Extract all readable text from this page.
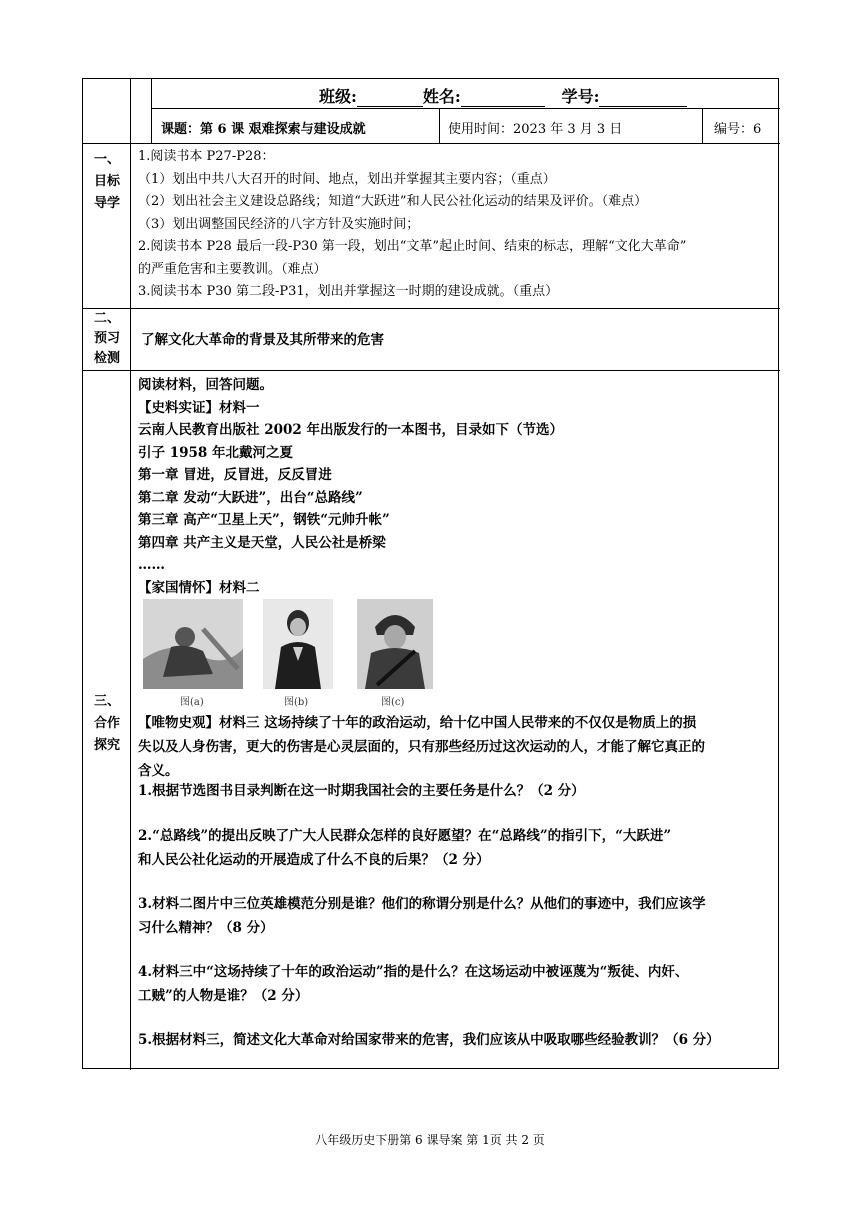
班级:	姓名:	学号:
课题：第 6 课 艰难探索与建设成就	使用时间：2023 年 3 月 3 日	编号：6
一、
目标
导学
1.阅读书本 P27-P28：
（1）划出中共八大召开的时间、地点，划出并掌握其主要内容；（重点）
（2）划出社会主义建设总路线；知道“大跃进”和人民公社化运动的结果及评价。（难点）
（3）划出调整国民经济的八字方针及实施时间；
2.阅读书本 P28 最后一段-P30 第一段，划出“文革”起止时间、结束的标志，理解“文化大革命”
的严重危害和主要教训。（难点）
3.阅读书本 P30 第二段-P31，划出并掌握这一时期的建设成就。（重点）
二、
预习
检测
了解文化大革命的背景及其所带来的危害
三、
合作
探究
阅读材料，回答问题。
【史料实证】材料一
云南人民教育出版社 2002 年出版发行的一本图书，目录如下（节选）
引子 1958 年北戴河之夏
第一章 冒进，反冒进，反反冒进
第二章 发动“大跃进”，出台“总路线”
第三章 高产“卫星上天”，钢铁“元帅升帐”
第四章 共产主义是天堂，人民公社是桥梁
……
【家国情怀】材料二
图(a)	图(b)	图(c)
【唯物史观】材料三 这场持续了十年的政治运动，给十亿中国人民带来的不仅仅是物质上的损
失以及人身伤害，更大的伤害是心灵层面的，只有那些经历过这次运动的人，才能了解它真正的
含义。
1.根据节选图书目录判断在这一时期我国社会的主要任务是什么？（2 分）
2.“总路线”的提出反映了广大人民群众怎样的良好愿望？在“总路线”的指引下，“大跃进”
和人民公社化运动的开展造成了什么不良的后果？（2 分）
3.材料二图片中三位英雄模范分别是谁？他们的称谓分别是什么？从他们的事迹中，我们应该学
习什么精神？（8 分）
4.材料三中“这场持续了十年的政治运动”指的是什么？在这场运动中被诬蔑为“叛徒、内奸、
工贼”的人物是谁？（2 分）
5.根据材料三，简述文化大革命对给国家带来的危害，我们应该从中吸取哪些经验教训？（6 分）
八年级历史下册第 6 课导案 第 1页 共 2 页
